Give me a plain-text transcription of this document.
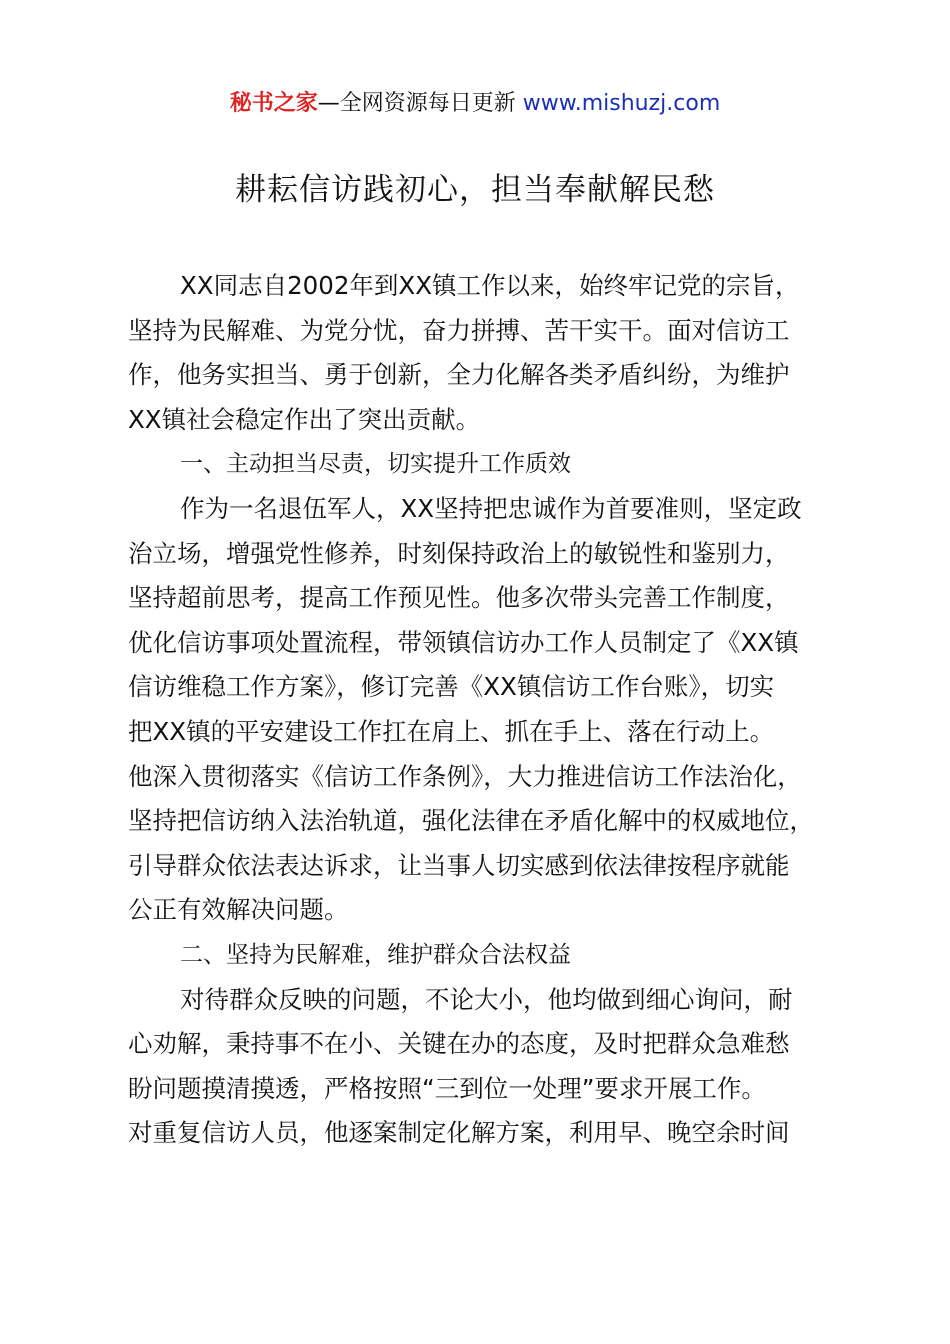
秘书之家—全网资源每日更新 www.mishuzj.com
耕耘信访践初心，担当奉献解民愁
XX同志自2002年到XX镇工作以来，始终牢记党的宗旨，
坚持为民解难、为党分忧，奋力拼搏、苦干实干。面对信访工
作，他务实担当、勇于创新，全力化解各类矛盾纠纷，为维护
XX镇社会稳定作出了突出贡献。
一、主动担当尽责，切实提升工作质效
作为一名退伍军人，XX坚持把忠诚作为首要准则，坚定政
治立场，增强党性修养，时刻保持政治上的敏锐性和鉴别力，
坚持超前思考，提高工作预见性。他多次带头完善工作制度，
优化信访事项处置流程，带领镇信访办工作人员制定了《XX镇
信访维稳工作方案》，修订完善《XX镇信访工作台账》，切实
把XX镇的平安建设工作扛在肩上、抓在手上、落在行动上。
他深入贯彻落实《信访工作条例》，大力推进信访工作法治化，
坚持把信访纳入法治轨道，强化法律在矛盾化解中的权威地位，
引导群众依法表达诉求，让当事人切实感到依法律按程序就能
公正有效解决问题。
二、坚持为民解难，维护群众合法权益
对待群众反映的问题，不论大小，他均做到细心询问，耐
心劝解，秉持事不在小、关键在办的态度，及时把群众急难愁
盼问题摸清摸透，严格按照“三到位一处理”要求开展工作。
对重复信访人员，他逐案制定化解方案，利用早、晚空余时间
